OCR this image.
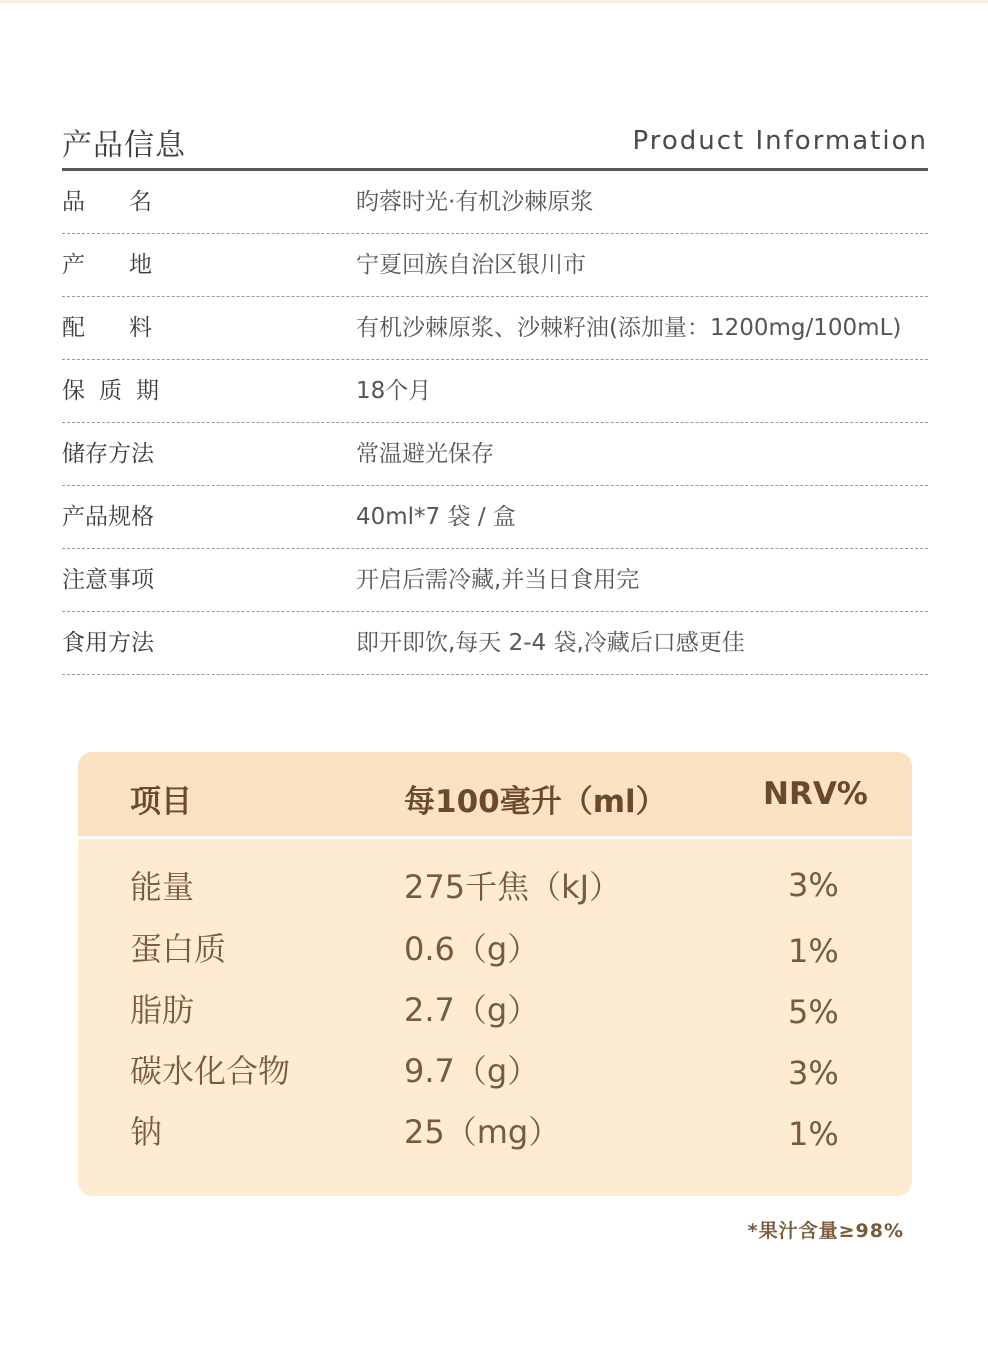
产品信息	Product Information
品名	昀蓉时光·有机沙棘原浆
产地	宁夏回族自治区银川市
配料	有机沙棘原浆、沙棘籽油(添加量：1200mg/100mL)
保质期	18个月
储存方法	常温避光保存
产品规格	40ml*7 袋 / 盒
注意事项	开启后需冷藏,并当日食用完
食用方法	即开即饮,每天 2-4 袋,冷藏后口感更佳
项目	每100毫升（ml）	NRV%
能量	275千焦（kJ）	3%
蛋白质	0.6（g）	1%
脂肪	2.7（g）	5%
碳水化合物	9.7（g）	3%
钠	25（mg）	1%
*果汁含量≥98%
